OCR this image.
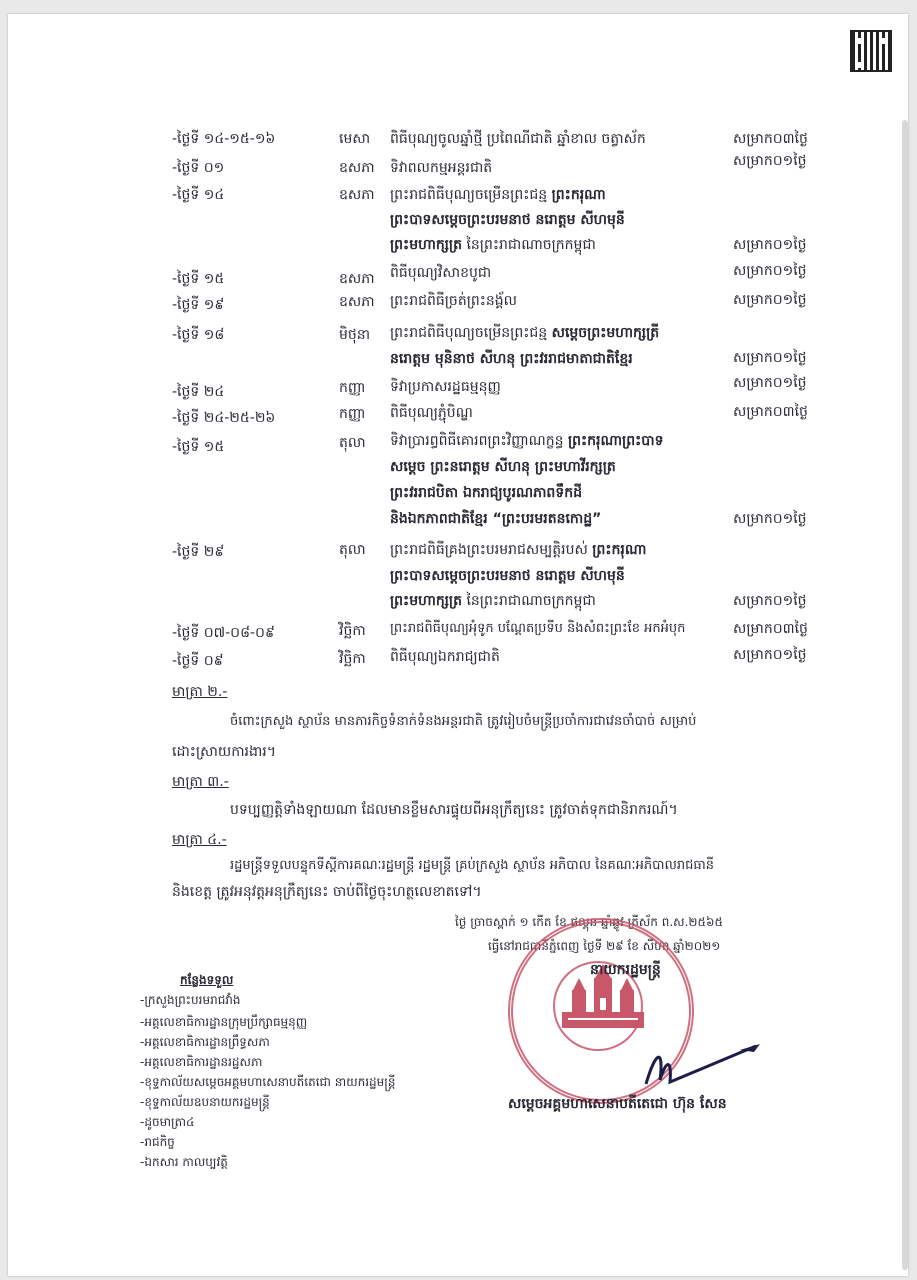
-ថ្ងៃទី ១៤-១៥-១៦	មេសា ពិធីបុណ្យចូលឆ្នាំថ្មី ប្រពៃណីជាតិ ឆ្នាំខាល ចត្វាស័ក	សម្រាក០៣ថ្ងៃ
-ថ្ងៃទី ០១	ឧសភា ទិវាពលកម្មអន្តរជាតិ	សម្រាក០១ថ្ងៃ
-ថ្ងៃទី ១៤	ឧសភា ព្រះរាជពិធីបុណ្យចម្រើនព្រះជន្ម ព្រះករុណា
ព្រះបាទសម្តេចព្រះបរមនាថ នរោត្តម សីហមុនី
ព្រះមហាក្សត្រ នៃព្រះរាជាណាចក្រកម្ពុជា	សម្រាក០១ថ្ងៃ
-ថ្ងៃទី ១៥	ឧសភា ពិធីបុណ្យវិសាខបូជា	សម្រាក០១ថ្ងៃ
-ថ្ងៃទី ១៩	ឧសភា ព្រះរាជពិធីច្រត់ព្រះនង្គ័ល	សម្រាក០១ថ្ងៃ
-ថ្ងៃទី ១៨	មិថុនា ព្រះរាជពិធីបុណ្យចម្រើនព្រះជន្ម សម្តេចព្រះមហាក្សត្រី
នរោត្តម មុនិនាថ សីហនុ ព្រះវររាជមាតាជាតិខ្មែរ	សម្រាក០១ថ្ងៃ
-ថ្ងៃទី ២៤	កញ្ញា ទិវាប្រកាសរដ្ឋធម្មនុញ្ញ	សម្រាក០១ថ្ងៃ
-ថ្ងៃទី ២៤-២៥-២៦	កញ្ញា ពិធីបុណ្យភ្ជុំបិណ្ឌ	សម្រាក០៣ថ្ងៃ
-ថ្ងៃទី ១៥	តុលា ទិវាប្រារព្ធពិធីគោរពព្រះវិញ្ញាណក្ខន្ធ ព្រះករុណាព្រះបាទ
សម្តេច ព្រះនរោត្តម សីហនុ ព្រះមហាវីរក្សត្រ
ព្រះវររាជបិតា ឯករាជ្យបូរណភាពទឹកដី
និងឯកភាពជាតិខ្មែរ “ព្រះបរមរតនកោដ្ឋ”	សម្រាក០១ថ្ងៃ
-ថ្ងៃទី ២៩	តុលា ព្រះរាជពិធីគ្រងព្រះបរមរាជសម្បត្តិរបស់ ព្រះករុណា
ព្រះបាទសម្តេចព្រះបរមនាថ នរោត្តម សីហមុនី
ព្រះមហាក្សត្រ នៃព្រះរាជាណាចក្រកម្ពុជា	សម្រាក០១ថ្ងៃ
-ថ្ងៃទី ០៧-០៨-០៩	វិច្ឆិកា ព្រះរាជពិធីបុណ្យអុំទូក បណ្តែតប្រទីប និងសំពះព្រះខែ អកអំបុក	សម្រាក០៣ថ្ងៃ
-ថ្ងៃទី ០៩	វិច្ឆិកា ពិធីបុណ្យឯករាជ្យជាតិ	សម្រាក០១ថ្ងៃ
មាត្រា ២.-
ចំពោះក្រសួង ស្ថាប័ន មានភារកិច្ចទំនាក់ទំនងអន្តរជាតិ ត្រូវរៀបចំមន្ត្រីប្រចាំការជាវេនចាំបាច់ សម្រាប់
ដោះស្រាយការងារ។
មាត្រា ៣.-
បទប្បញ្ញត្តិទាំងឡាយណា ដែលមានខ្លឹមសារផ្ទុយពីអនុក្រឹត្យនេះ ត្រូវចាត់ទុកជានិរាករណ៍។
មាត្រា ៤.-
រដ្ឋមន្ត្រីទទួលបន្ទុកទីស្តីការគណៈរដ្ឋមន្ត្រី រដ្ឋមន្ត្រី គ្រប់ក្រសួង ស្ថាប័ន អភិបាល នៃគណៈអភិបាលរាជធានី
និងខេត្ត ត្រូវអនុវត្តអនុក្រឹត្យនេះ ចាប់ពីថ្ងៃចុះហត្ថលេខាតទៅ។
ថ្ងៃ ច្រាចស្ពាក់ ១ កើត ខែ ផល្គុន ឆ្នាំឆ្លូវ ត្រីស័ក ព.ស.២៥៦៥
ធ្វើនៅរាជធានីភ្នំពេញ ថ្ងៃទី ២៩ ខែ សីហា ឆ្នាំ២០២១
នាយករដ្ឋមន្ត្រី
សម្តេចអគ្គមហាសេនាបតីតេជោ ហ៊ុន សែន
កន្លែងទទួល
-ក្រសួងព្រះបរមរាជវាំង
-អគ្គលេខាធិការដ្ឋានក្រុមប្រឹក្សាធម្មនុញ្ញ
-អគ្គលេខាធិការដ្ឋានព្រឹទ្ធសភា
-អគ្គលេខាធិការដ្ឋានរដ្ឋសភា
-ខុទ្ទកាល័យសម្តេចអគ្គមហាសេនាបតីតេជោ នាយករដ្ឋមន្ត្រី
-ខុទ្ទកាល័យឧបនាយករដ្ឋមន្ត្រី
-ដូចមាត្រា៤
-រាជកិច្ច
-ឯកសារ កាលប្បវត្តិ
